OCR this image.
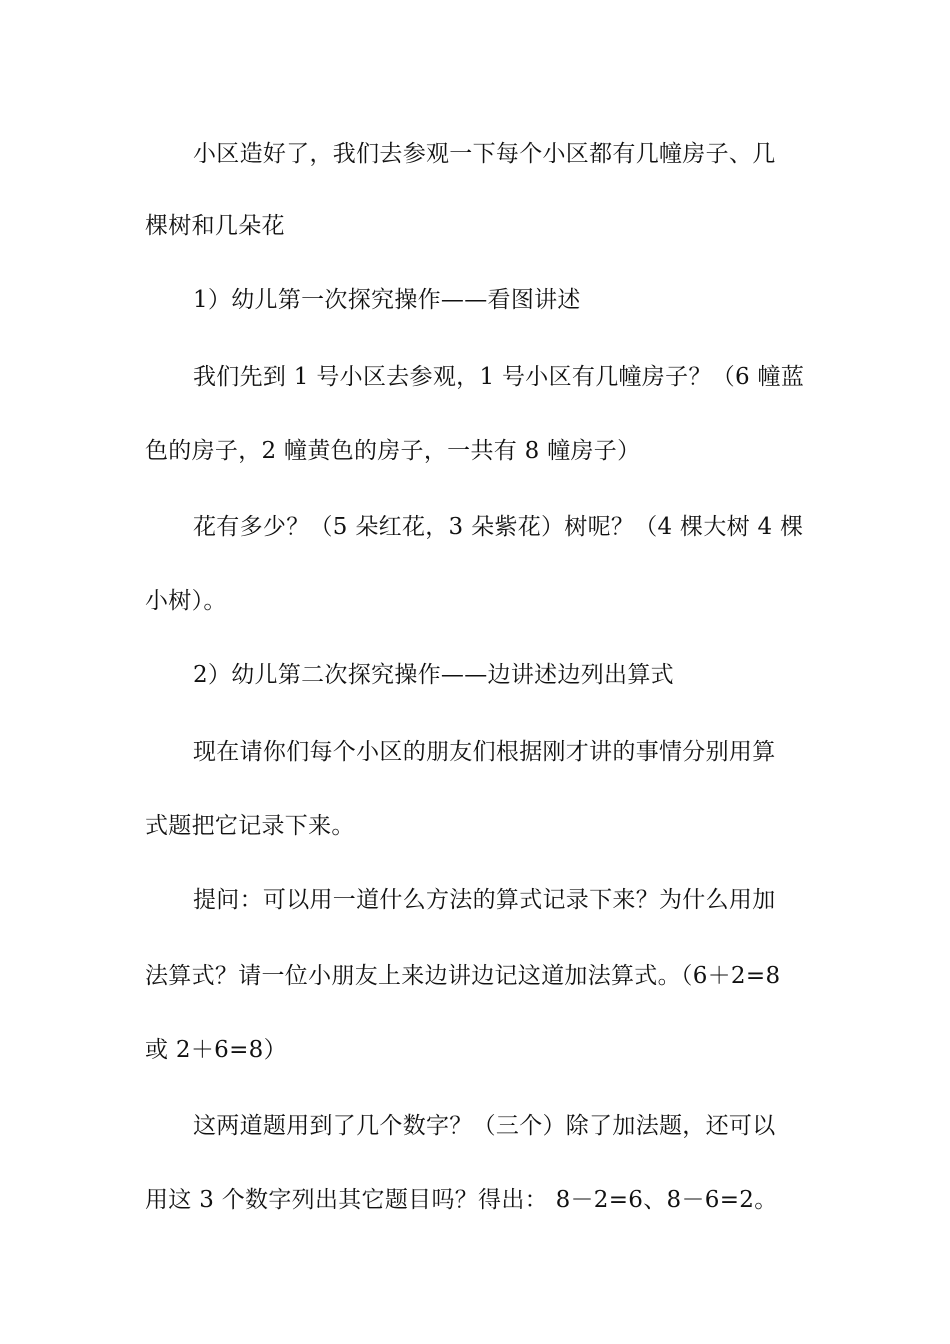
小区造好了，我们去参观一下每个小区都有几幢房子、几
棵树和几朵花
1）幼儿第一次探究操作——看图讲述
我们先到 1 号小区去参观，1 号小区有几幢房子？（6 幢蓝
色的房子，2 幢黄色的房子，一共有 8 幢房子）
花有多少？（5 朵红花，3 朵紫花）树呢？（4 棵大树 4 棵
小树）。
2）幼儿第二次探究操作——边讲述边列出算式
现在请你们每个小区的朋友们根据刚才讲的事情分别用算
式题把它记录下来。
提问：可以用一道什么方法的算式记录下来？为什么用加
法算式？请一位小朋友上来边讲边记这道加法算式。（6＋2=8
或 2＋6=8）
这两道题用到了几个数字？（三个）除了加法题，还可以
用这 3 个数字列出其它题目吗？得出： 8－2=6、8－6=2。
